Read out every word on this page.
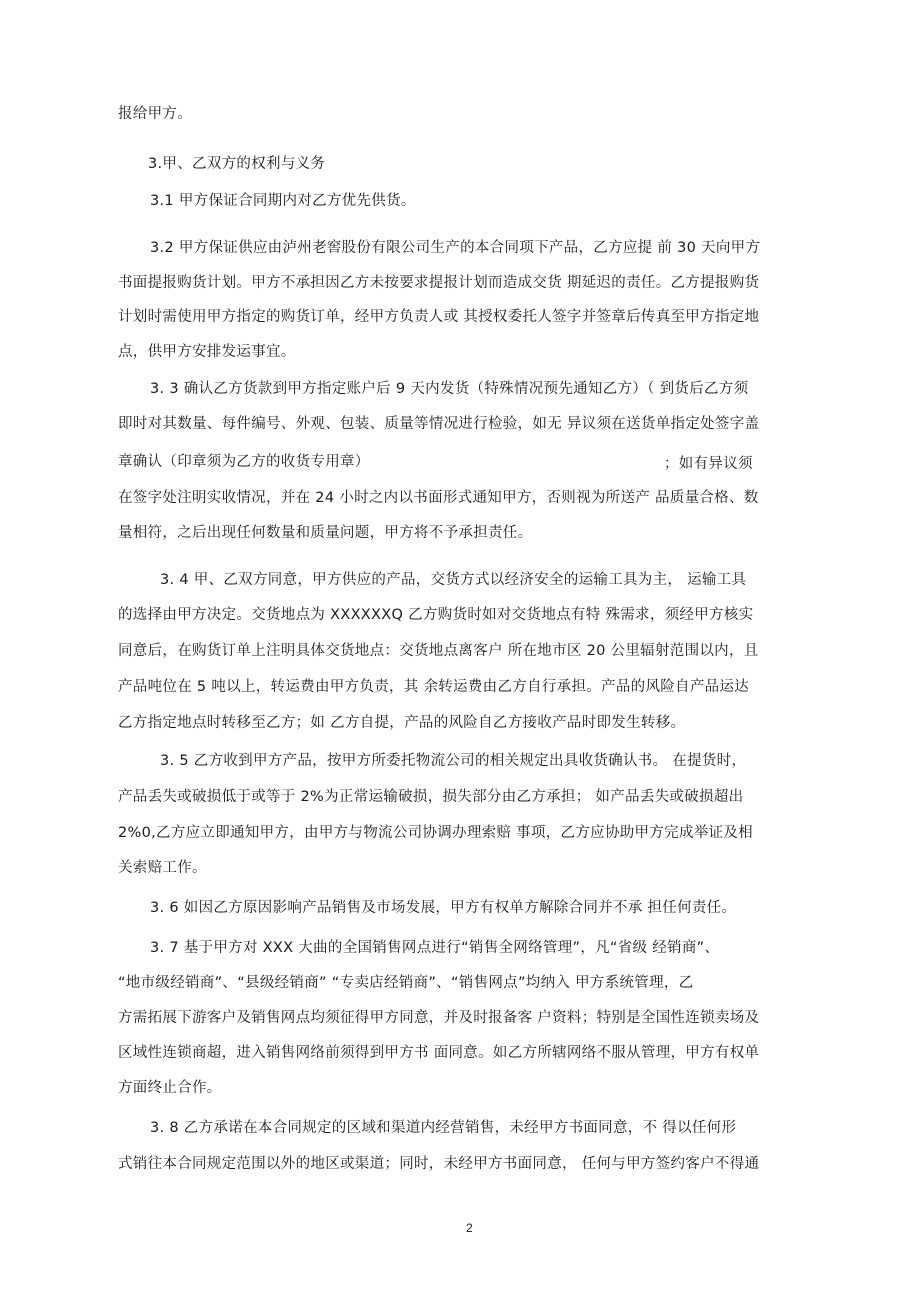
报给甲方。
3.甲、乙双方的权利与义务
3.1 甲方保证合同期内对乙方优先供货。
3.2 甲方保证供应由泸州老窖股份有限公司生产的本合同项下产品，乙方应提 前 30 天向甲方
书面提报购货计划。甲方不承担因乙方未按要求提报计划而造成交货 期延迟的责任。乙方提报购货
计划时需使用甲方指定的购货订单，经甲方负责人或 其授权委托人签字并签章后传真至甲方指定地
点，供甲方安排发运事宜。
3. 3 确认乙方货款到甲方指定账户后 9 天内发货（特殊情况预先通知乙方）（ 到货后乙方须
即时对其数量、每件编号、外观、包装、质量等情况进行检验，如无 异议须在送货单指定处签字盖
章确认（印章须为乙方的收货专用章）	；如有异议须
在签字处注明实收情况，并在 24 小时之内以书面形式通知甲方，否则视为所送产 品质量合格、数
量相符，之后出现任何数量和质量问题，甲方将不予承担责任。
3. 4 甲、乙双方同意，甲方供应的产品，交货方式以经济安全的运输工具为主， 运输工具
的选择由甲方决定。交货地点为 XXXXXXQ 乙方购货时如对交货地点有特 殊需求，须经甲方核实
同意后，在购货订单上注明具体交货地点：交货地点离客户 所在地市区 20 公里辐射范围以内，且
产品吨位在 5 吨以上，转运费由甲方负责，其 余转运费由乙方自行承担。产品的风险自产品运达
乙方指定地点时转移至乙方；如 乙方自提，产品的风险自乙方接收产品时即发生转移。
3. 5 乙方收到甲方产品，按甲方所委托物流公司的相关规定出具收货确认书。 在提货时，
产品丢失或破损低于或等于 2%为正常运输破损，损失部分由乙方承担； 如产品丢失或破损超出
2%0,乙方应立即通知甲方，由甲方与物流公司协调办理索赔 事项，乙方应协助甲方完成举证及相
关索赔工作。
3. 6 如因乙方原因影响产品销售及市场发展，甲方有权单方解除合同并不承 担任何责任。
3. 7 基于甲方对 XXX 大曲的全国销售网点进行“销售全网络管理”，凡“省级 经销商”、
“地市级经销商”、“县级经销商” “专卖店经销商”、“销售网点”均纳入 甲方系统管理，乙
方需拓展下游客户及销售网点均须征得甲方同意，并及时报备客 户资料；特别是全国性连锁卖场及
区域性连锁商超，进入销售网络前须得到甲方书 面同意。如乙方所辖网络不服从管理，甲方有权单
方面终止合作。
3. 8 乙方承诺在本合同规定的区域和渠道内经营销售，未经甲方书面同意，不 得以任何形
式销往本合同规定范围以外的地区或渠道；同时，未经甲方书面同意， 任何与甲方签约客户不得通
2
